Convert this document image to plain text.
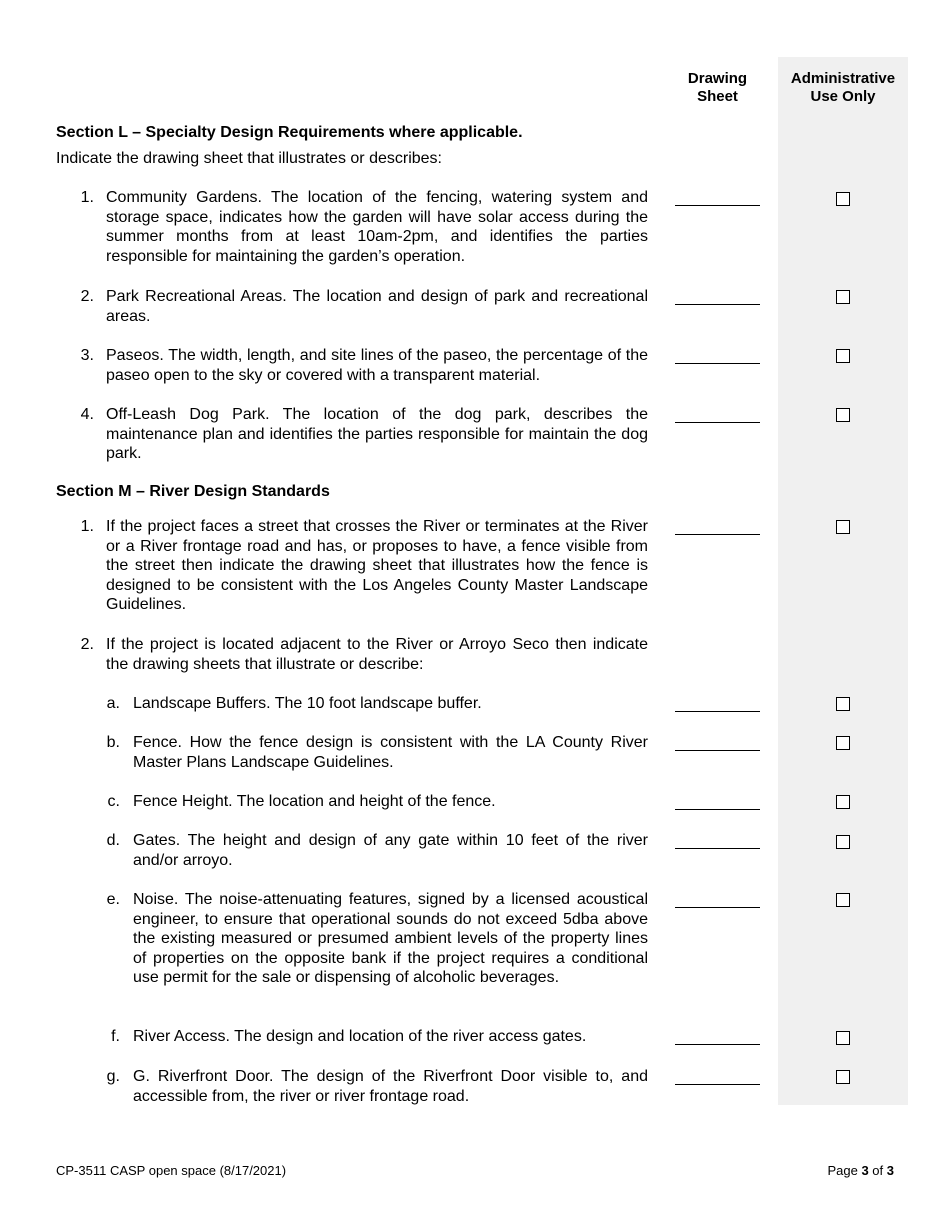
Drawing
Sheet
Administrative
Use Only
Section L – Specialty Design Requirements where applicable.
Indicate the drawing sheet that illustrates or describes:
1. Community Gardens. The location of the fencing, watering system and storage space, indicates how the garden will have solar access during the summer months from at least 10am-2pm, and identifies the parties responsible for maintaining the garden’s operation.
2. Park Recreational Areas. The location and design of park and recreational areas.
3. Paseos. The width, length, and site lines of the paseo, the percentage of the paseo open to the sky or covered with a transparent material.
4. Off-Leash Dog Park. The location of the dog park, describes the maintenance plan and identifies the parties responsible for maintain the dog park.
Section M – River Design Standards
1. If the project faces a street that crosses the River or terminates at the River or a River frontage road and has, or proposes to have, a fence visible from the street then indicate the drawing sheet that illustrates how the fence is designed to be consistent with the Los Angeles County Master Landscape Guidelines.
2. If the project is located adjacent to the River or Arroyo Seco then indicate the drawing sheets that illustrate or describe:
a. Landscape Buffers. The 10 foot landscape buffer.
b. Fence. How the fence design is consistent with the LA County River Master Plans Landscape Guidelines.
c. Fence Height. The location and height of the fence.
d. Gates. The height and design of any gate within 10 feet of the river and/or arroyo.
e. Noise. The noise-attenuating features, signed by a licensed acoustical engineer, to ensure that operational sounds do not exceed 5dba above the existing measured or presumed ambient levels of the property lines of properties on the opposite bank if the project requires a conditional use permit for the sale or dispensing of alcoholic beverages.
f. River Access. The design and location of the river access gates.
g. G. Riverfront Door. The design of the Riverfront Door visible to, and accessible from, the river or river frontage road.
CP-3511 CASP open space (8/17/2021)	Page 3 of 3
